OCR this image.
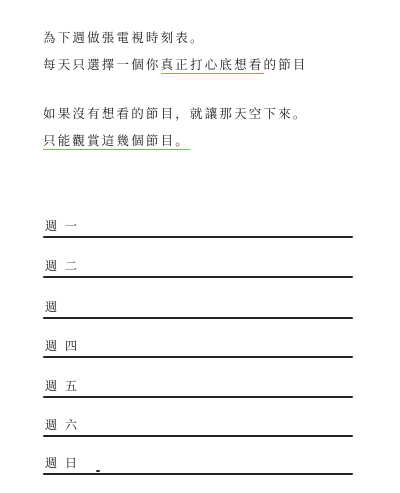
為下週做張電視時刻表。
每天只選擇一個你真正打心底想看的節目
如果沒有想看的節目，就讓那天空下來。
只能觀賞這幾個節目。
週一
週二
週
週四
週五
週六
週日
